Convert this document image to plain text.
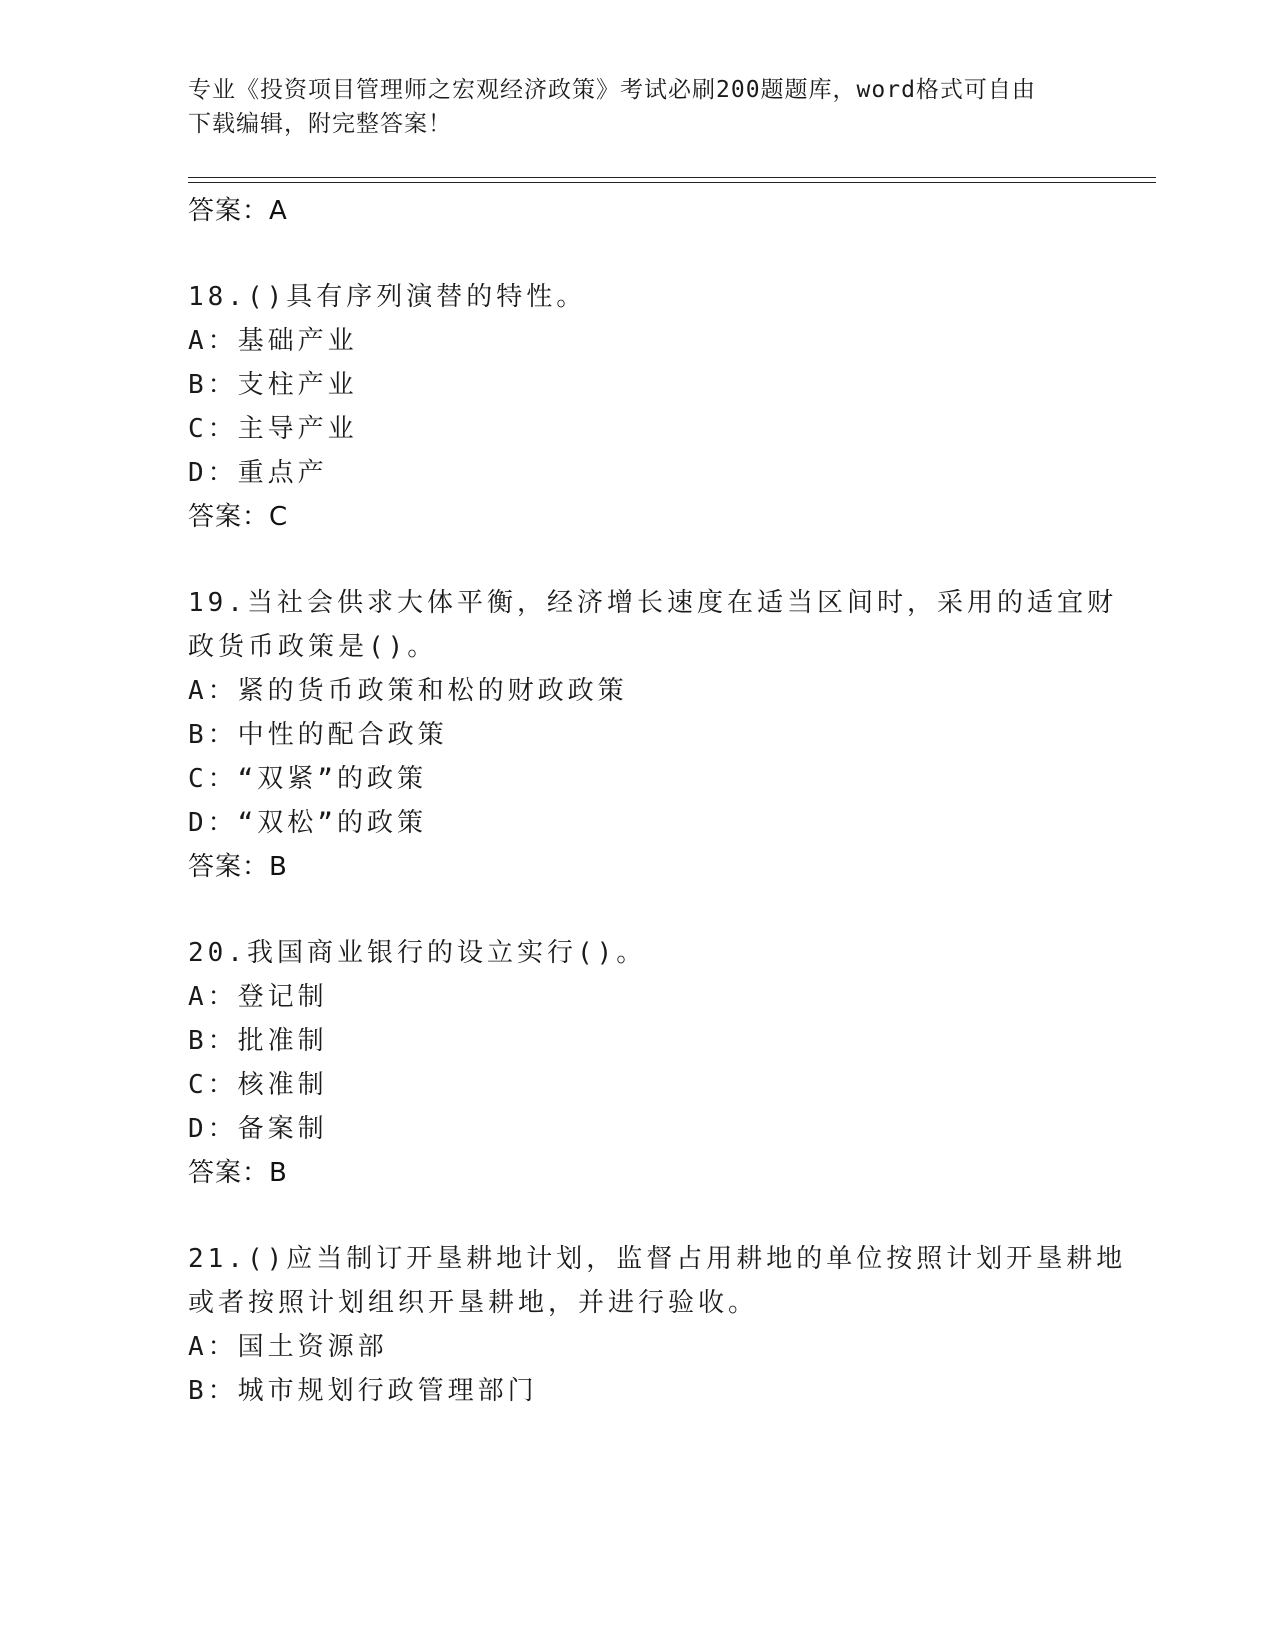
专业《投资项目管理师之宏观经济政策》考试必刷200题题库，word格式可自由
下载编辑，附完整答案！
答案：A
18.()具有序列演替的特性。
A：基础产业
B：支柱产业
C：主导产业
D：重点产
答案：C
19.当社会供求大体平衡，经济增长速度在适当区间时，采用的适宜财
政货币政策是()。
A：紧的货币政策和松的财政政策
B：中性的配合政策
C：“双紧”的政策
D：“双松”的政策
答案：B
20.我国商业银行的设立实行()。
A：登记制
B：批准制
C：核准制
D：备案制
答案：B
21.()应当制订开垦耕地计划，监督占用耕地的单位按照计划开垦耕地
或者按照计划组织开垦耕地，并进行验收。
A：国土资源部
B：城市规划行政管理部门
